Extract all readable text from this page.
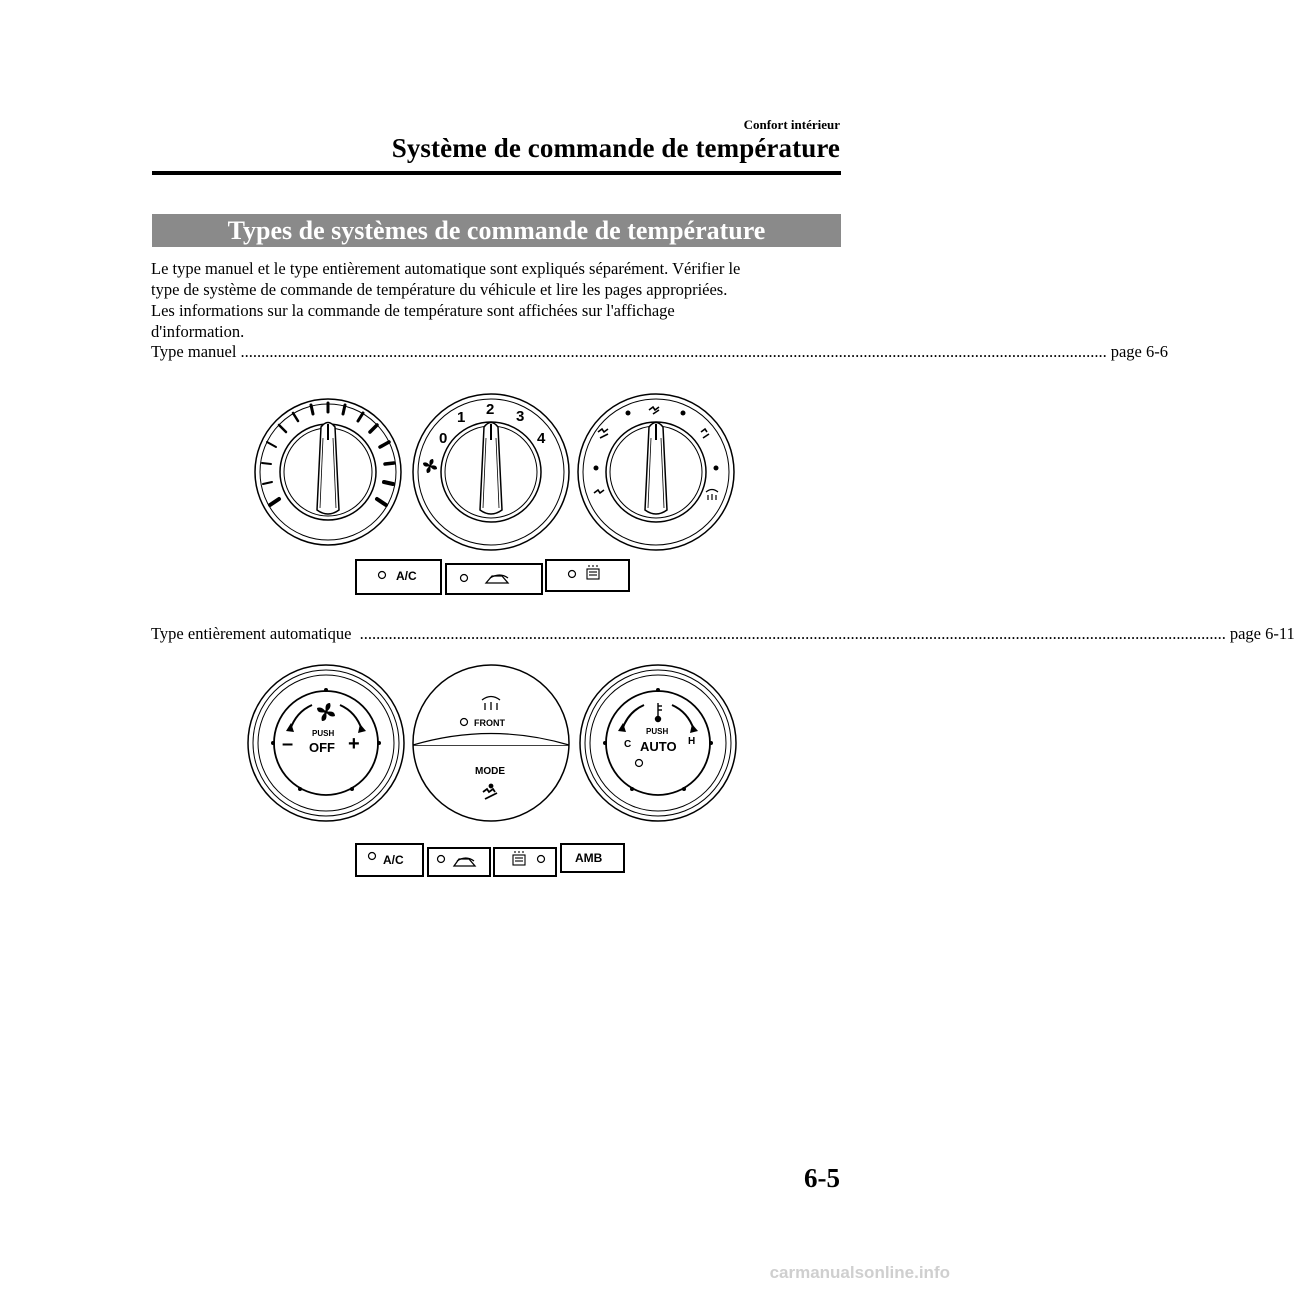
Confort intérieur
Système de commande de température
Types de systèmes de commande de température
Le type manuel et le type entièrement automatique sont expliqués séparément. Vérifier le
type de système de commande de température du véhicule et lire les pages appropriées.
Les informations sur la commande de température sont affichées sur l'affichage
d'information.
Type manuel .................................................................................................................................................................................................................. page 6-6
0
1 2 3
4
A/C
Type entièrement automatique .................................................................................................................................................................................................................. page 6-11
PUSH
OFF
–	+
FRONT
MODE
PUSH
AUTO
C	H
A/C	AMB
6-5
carmanualsonline.info
